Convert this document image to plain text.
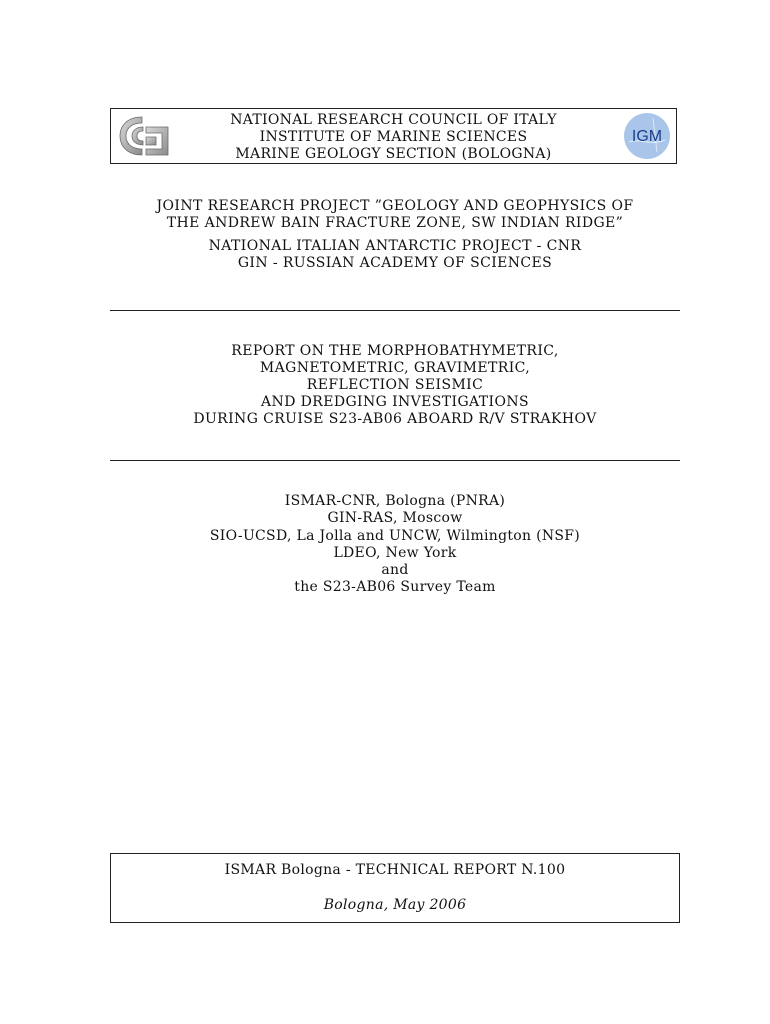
IGM
NATIONAL RESEARCH COUNCIL OF ITALY
INSTITUTE OF MARINE SCIENCES
MARINE GEOLOGY SECTION (BOLOGNA)
JOINT RESEARCH PROJECT ”GEOLOGY AND GEOPHYSICS OF
THE ANDREW BAIN FRACTURE ZONE, SW INDIAN RIDGE”
NATIONAL ITALIAN ANTARCTIC PROJECT - CNR
GIN - RUSSIAN ACADEMY OF SCIENCES
REPORT ON THE MORPHOBATHYMETRIC,
MAGNETOMETRIC, GRAVIMETRIC,
REFLECTION SEISMIC
AND DREDGING INVESTIGATIONS
DURING CRUISE S23-AB06 ABOARD R/V STRAKHOV
ISMAR-CNR, Bologna (PNRA)
GIN-RAS, Moscow
SIO-UCSD, La Jolla and UNCW, Wilmington (NSF)
LDEO, New York
and
the S23-AB06 Survey Team
ISMAR Bologna - TECHNICAL REPORT N.100
Bologna, May 2006
